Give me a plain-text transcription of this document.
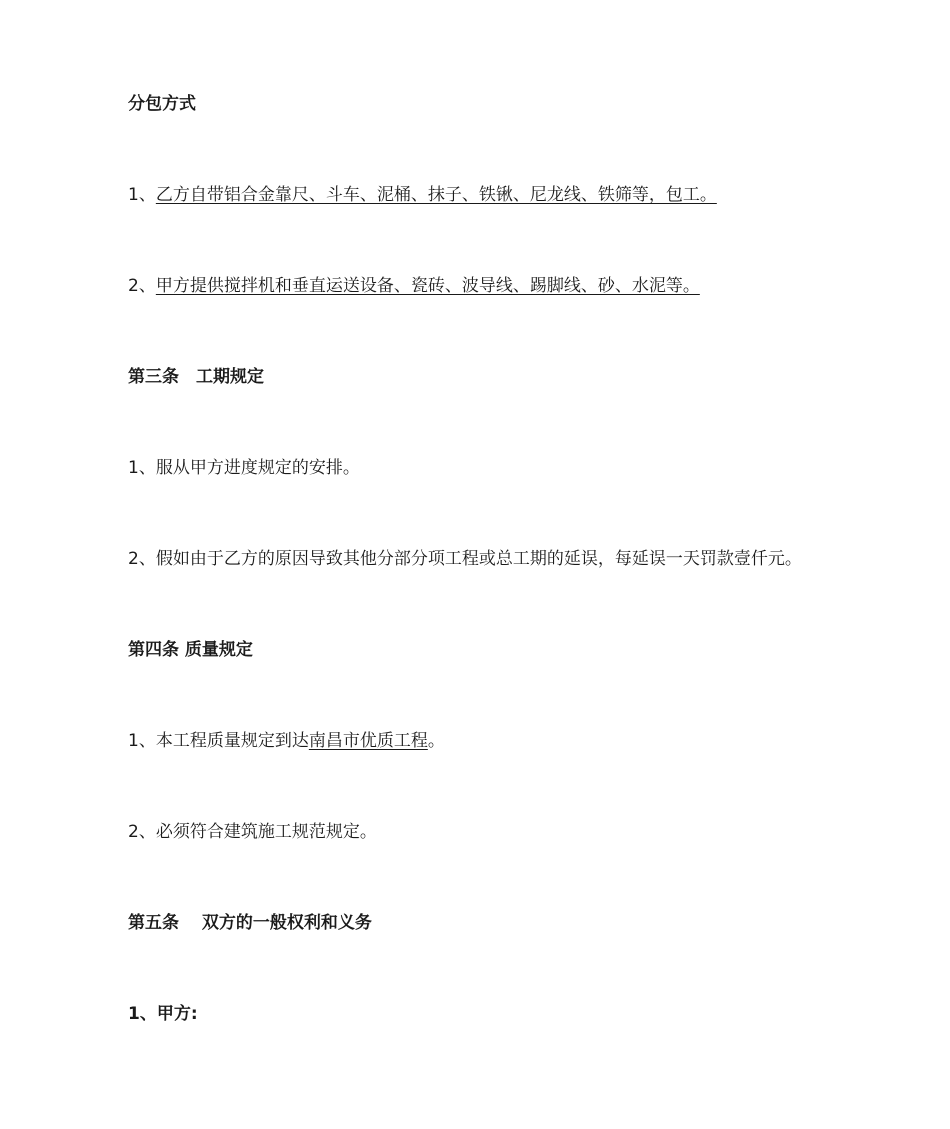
分包方式
1、乙方自带铝合金靠尺、斗车、泥桶、抹子、铁锹、尼龙线、铁筛等，包工。
2、甲方提供搅拌机和垂直运送设备、瓷砖、波导线、踢脚线、砂、水泥等。
第三条　工期规定
1、服从甲方进度规定的安排。
2、假如由于乙方的原因导致其他分部分项工程或总工期的延误，每延误一天罚款壹仟元。
第四条 质量规定
1、本工程质量规定到达南昌市优质工程。
2、必须符合建筑施工规范规定。
第五条　 双方的一般权利和义务
1、甲方:
